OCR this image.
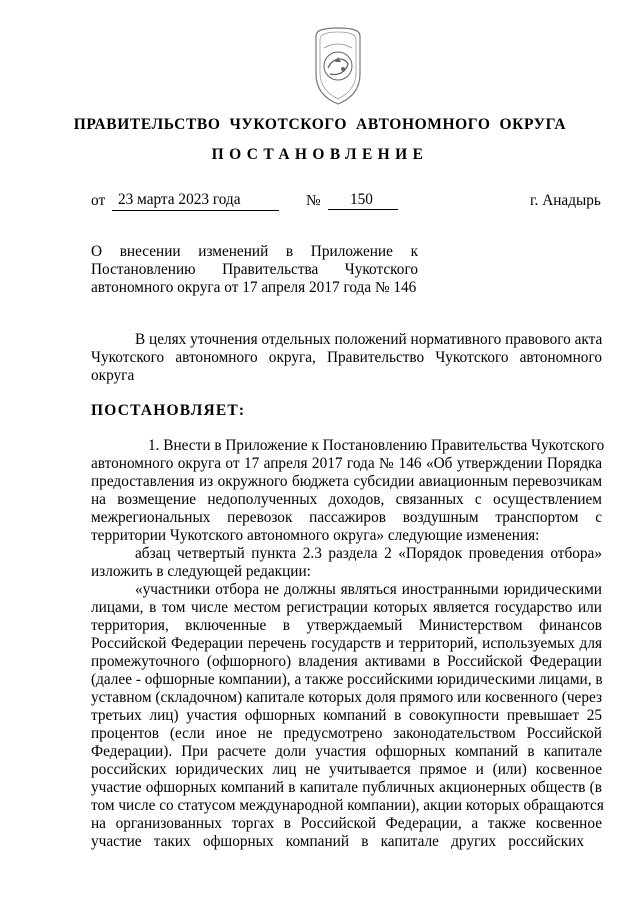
ПРАВИТЕЛЬСТВО  ЧУКОТСКОГО  АВТОНОМНОГО  ОКРУГА
ПОСТАНОВЛЕНИЕ
от 23 марта 2023 года	№	150	г. Анадырь
О внесении изменений в Приложение к
Постановлению Правительства Чукотского
автономного округа от 17 апреля 2017 года № 146
В целях уточнения отдельных положений нормативного правового акта
Чукотского автономного округа, Правительство Чукотского автономного
округа
ПОСТАНОВЛЯЕТ:
1. Внести в Приложение к Постановлению Правительства Чукотского
автономного округа от 17 апреля 2017 года № 146 «Об утверждении Порядка
предоставления из окружного бюджета субсидии авиационным перевозчикам
на возмещение недополученных доходов, связанных с осуществлением
межрегиональных перевозок пассажиров воздушным транспортом с
территории Чукотского автономного округа» следующие изменения:
абзац четвертый пункта 2.3 раздела 2 «Порядок проведения отбора»
изложить в следующей редакции:
«участники отбора не должны являться иностранными юридическими
лицами, в том числе местом регистрации которых является государство или
территория, включенные в утверждаемый Министерством финансов
Российской Федерации перечень государств и территорий, используемых для
промежуточного (офшорного) владения активами в Российской Федерации
(далее - офшорные компании), а также российскими юридическими лицами, в
уставном (складочном) капитале которых доля прямого или косвенного (через
третьих лиц) участия офшорных компаний в совокупности превышает 25
процентов (если иное не предусмотрено законодательством Российской
Федерации). При расчете доли участия офшорных компаний в капитале
российских юридических лиц не учитывается прямое и (или) косвенное
участие офшорных компаний в капитале публичных акционерных обществ (в
том числе со статусом международной компании), акции которых обращаются
на организованных торгах в Российской Федерации, а также косвенное
участие таких офшорных компаний в капитале других российских
